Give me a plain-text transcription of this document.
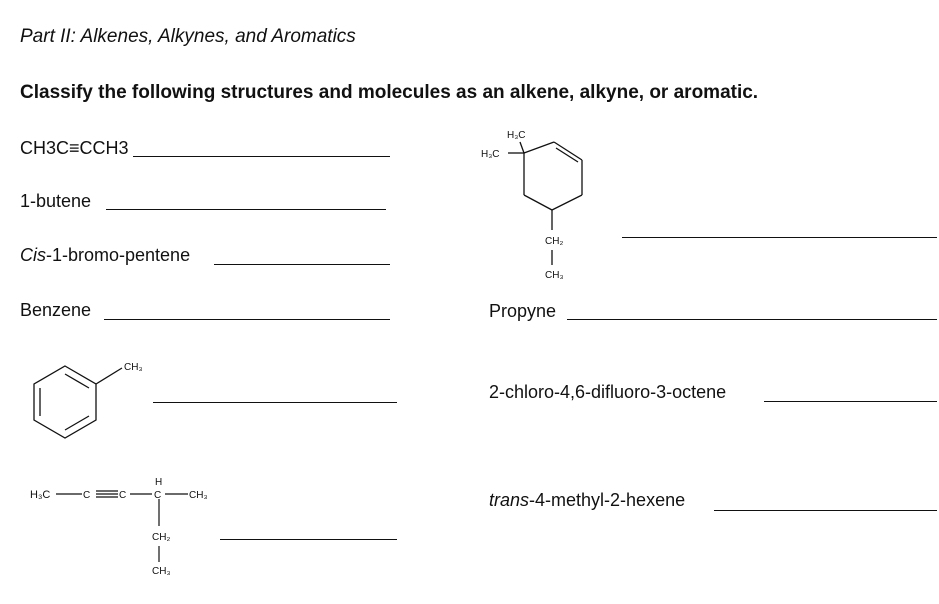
Part II: Alkenes, Alkynes, and Aromatics
Classify the following structures and molecules as an alkene, alkyne, or aromatic.
CH3C≡CCH3
1-butene
Cis-1-bromo-pentene
Benzene	Propyne
2-chloro-4,6-difluoro-3-octene
trans-4-methyl-2-hexene
H₃C
H₃C
CH₂
CH₃
CH₃
H₃C	C	C
H
C	CH₃
CH₂
CH₃
